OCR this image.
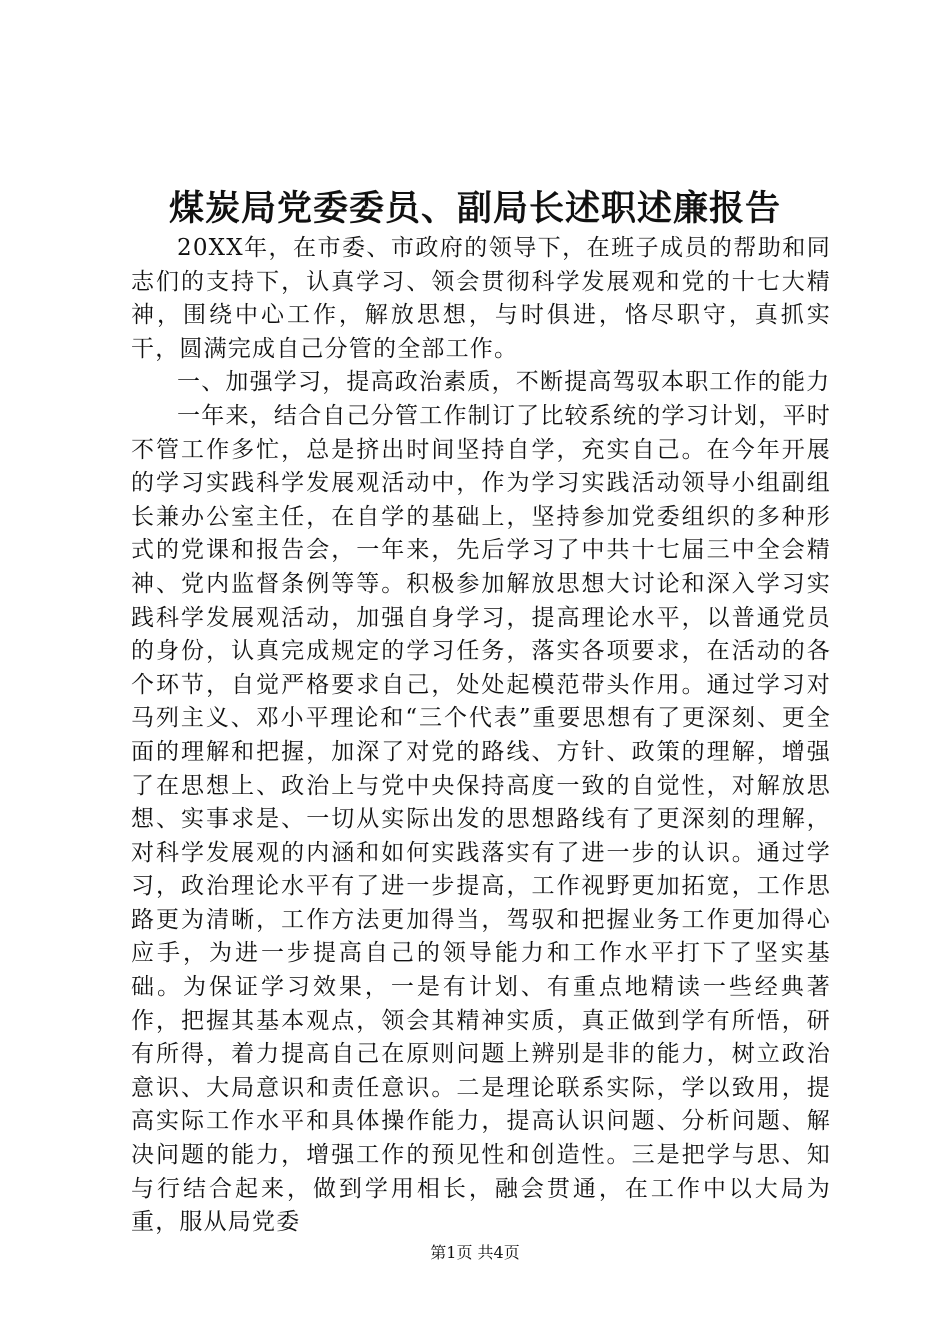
煤炭局党委委员、副局长述职述廉报告

20XX年，在市委、市政府的领导下，在班子成员的帮助和同志们的支持下，认真学习、领会贯彻科学发展观和党的十七大精神，围绕中心工作，解放思想，与时俱进，恪尽职守，真抓实干，圆满完成自己分管的全部工作。

一、加强学习，提高政治素质，不断提高驾驭本职工作的能力

一年来，结合自己分管工作制订了比较系统的学习计划，平时不管工作多忙，总是挤出时间坚持自学，充实自己。在今年开展的学习实践科学发展观活动中，作为学习实践活动领导小组副组长兼办公室主任，在自学的基础上，坚持参加党委组织的多种形式的党课和报告会，一年来，先后学习了中共十七届三中全会精神、党内监督条例等等。积极参加解放思想大讨论和深入学习实践科学发展观活动，加强自身学习，提高理论水平，以普通党员的身份，认真完成规定的学习任务，落实各项要求，在活动的各个环节，自觉严格要求自己，处处起模范带头作用。通过学习对马列主义、邓小平理论和“三个代表”重要思想有了更深刻、更全面的理解和把握，加深了对党的路线、方针、政策的理解，增强了在思想上、政治上与党中央保持高度一致的自觉性，对解放思想、实事求是、一切从实际出发的思想路线有了更深刻的理解，对科学发展观的内涵和如何实践落实有了进一步的认识。通过学习，政治理论水平有了进一步提高，工作视野更加拓宽，工作思路更为清晰，工作方法更加得当，驾驭和把握业务工作更加得心应手，为进一步提高自己的领导能力和工作水平打下了坚实基础。为保证学习效果，一是有计划、有重点地精读一些经典著作，把握其基本观点，领会其精神实质，真正做到学有所悟，研有所得，着力提高自己在原则问题上辨别是非的能力，树立政治意识、大局意识和责任意识。二是理论联系实际，学以致用，提高实际工作水平和具体操作能力，提高认识问题、分析问题、解决问题的能力，增强工作的预见性和创造性。三是把学与思、知与行结合起来，做到学用相长，融会贯通，在工作中以大局为重，服从局党委

第1页 共4页
